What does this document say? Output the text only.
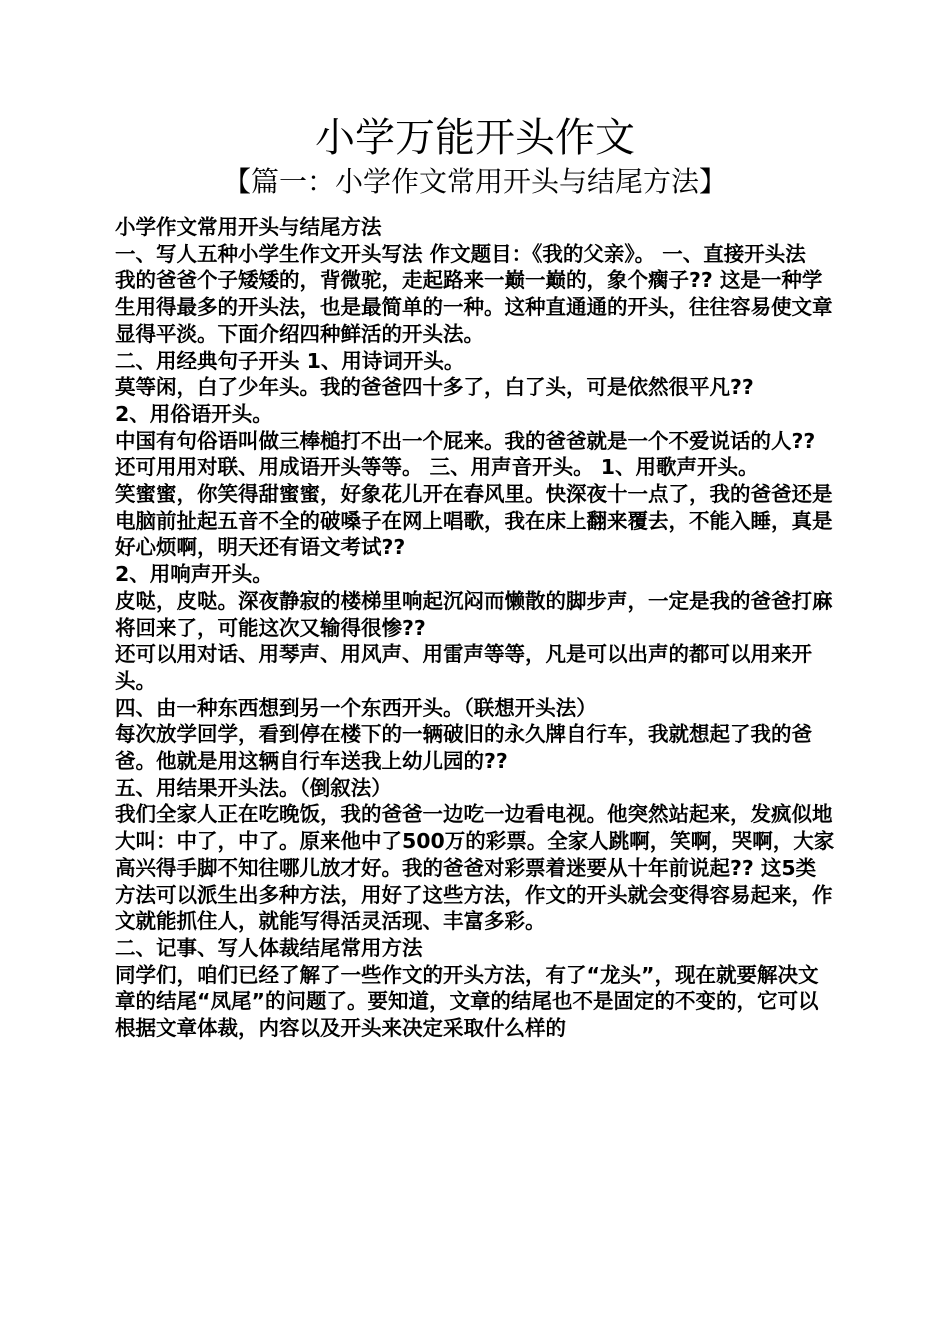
小学万能开头作文
【篇一：小学作文常用开头与结尾方法】

小学作文常用开头与结尾方法

一、写人五种小学生作文开头写法 作文题目：《我的父亲》。 一、直接开头法

我的爸爸个子矮矮的，背微驼，走起路来一巅一巅的，象个瘸子?? 这是一种学生用得最多的开头法，也是最简单的一种。这种直通通的开头，往往容易使文章显得平淡。下面介绍四种鲜活的开头法。

二、用经典句子开头 1、用诗词开头。

莫等闲，白了少年头。我的爸爸四十多了，白了头，可是依然很平凡??

2、用俗语开头。

中国有句俗语叫做三棒槌打不出一个屁来。我的爸爸就是一个不爱说话的人??

还可用用对联、用成语开头等等。 三、用声音开头。 1、用歌声开头。

笑蜜蜜，你笑得甜蜜蜜，好象花儿开在春风里。快深夜十一点了，我的爸爸还是电脑前扯起五音不全的破嗓子在网上唱歌，我在床上翻来覆去，不能入睡，真是好心烦啊，明天还有语文考试??

2、用响声开头。

皮哒，皮哒。深夜静寂的楼梯里响起沉闷而懒散的脚步声，一定是我的爸爸打麻将回来了，可能这次又输得很惨??

还可以用对话、用琴声、用风声、用雷声等等，凡是可以出声的都可以用来开头。

四、由一种东西想到另一个东西开头。（联想开头法）

每次放学回学，看到停在楼下的一辆破旧的永久牌自行车，我就想起了我的爸爸。他就是用这辆自行车送我上幼儿园的??

五、用结果开头法。（倒叙法）

我们全家人正在吃晚饭，我的爸爸一边吃一边看电视。他突然站起来，发疯似地大叫：中了，中了。原来他中了500万的彩票。全家人跳啊，笑啊，哭啊，大家高兴得手脚不知往哪儿放才好。我的爸爸对彩票着迷要从十年前说起?? 这5类方法可以派生出多种方法，用好了这些方法，作文的开头就会变得容易起来，作文就能抓住人，就能写得活灵活现、丰富多彩。

二、记事、写人体裁结尾常用方法

同学们，咱们已经了解了一些作文的开头方法，有了“龙头”，现在就要解决文章的结尾“凤尾”的问题了。要知道，文章的结尾也不是固定的不变的，它可以根据文章体裁，内容以及开头来决定采取什么样的
